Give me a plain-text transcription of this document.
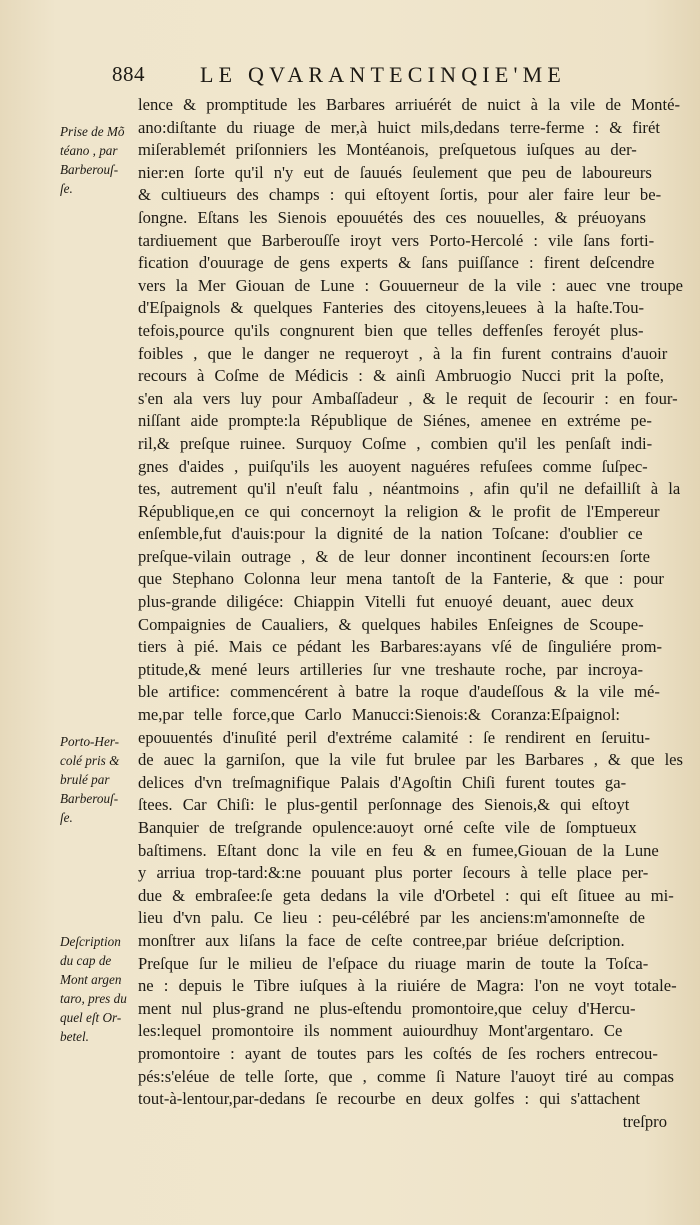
884	LE QVARANTECINQIE'ME
Prise de Mõ
téano , par
Barberouſ-
ſe.
Porto-Her-
colé pris &
brulé par
Barberouſ-
ſe.
Deſcription
du cap de
Mont argen
taro, pres du
quel eſt Or-
betel.
lence & promptitude les Barbares arriuérét de nuict à la vile de Monté-
ano:diſtante du riuage de mer,à huict mils,dedans terre-ferme : & firét
miſerablemét priſonniers les Montéanois, preſquetous iuſques au der-
nier:en ſorte qu'il n'y eut de ſauués ſeulement que peu de laboureurs
& cultiueurs des champs : qui eſtoyent ſortis, pour aler faire leur be-
ſongne. Eſtans les Sienois epouuétés des ces nouuelles, & préuoyans
tardiuement que Barberouſſe iroyt vers Porto-Hercolé : vile ſans forti-
fication d'ouurage de gens experts & ſans puiſſance : firent deſcendre
vers la Mer Giouan de Lune : Gouuerneur de la vile : auec vne troupe
d'Eſpaignols & quelques Fanteries des citoyens,leuees à la haſte.Tou-
tefois,pource qu'ils congnurent bien que telles deffenſes feroyét plus-
foibles , que le danger ne requeroyt , à la fin furent contrains d'auoir
recours à Coſme de Médicis : & ainſi Ambruogio Nucci prit la poſte,
s'en ala vers luy pour Ambaſſadeur , & le requit de ſecourir : en four-
niſſant aide prompte:la République de Siénes, amenee en extréme pe-
ril,& preſque ruinee. Surquoy Coſme , combien qu'il les penſaſt indi-
gnes d'aides , puiſqu'ils les auoyent naguéres refuſees comme ſuſpec-
tes, autrement qu'il n'euſt falu , néantmoins , afin qu'il ne defailliſt à la
République,en ce qui concernoyt la religion & le profit de l'Empereur
enſemble,fut d'auis:pour la dignité de la nation Toſcane: d'oublier ce
preſque-vilain outrage , & de leur donner incontinent ſecours:en ſorte
que Stephano Colonna leur mena tantoſt de la Fanterie, & que : pour
plus-grande diligéce: Chiappin Vitelli fut enuoyé deuant, auec deux
Compaignies de Caualiers, & quelques habiles Enſeignes de Scoupe-
tiers à pié. Mais ce pédant les Barbares:ayans vſé de ſinguliére prom-
ptitude,& mené leurs artilleries ſur vne treshaute roche, par incroya-
ble artifice: commencérent à batre la roque d'audeſſous & la vile mé-
me,par telle force,que Carlo Manucci:Sienois:& Coranza:Eſpaignol:
epouuentés d'inuſité peril d'extréme calamité : ſe rendirent en ſeruitu-
de auec la garniſon, que la vile fut brulee par les Barbares , & que les
delices d'vn treſmagnifique Palais d'Agoſtin Chiſi furent toutes ga-
ſtees. Car Chiſi: le plus-gentil perſonnage des Sienois,& qui eſtoyt
Banquier de treſgrande opulence:auoyt orné ceſte vile de ſomptueux
baſtimens. Eſtant donc la vile en feu & en fumee,Giouan de la Lune
y arriua trop-tard:&:ne pouuant plus porter ſecours à telle place per-
due & embraſee:ſe geta dedans la vile d'Orbetel : qui eſt ſituee au mi-
lieu d'vn palu. Ce lieu : peu-célébré par les anciens:m'amonneſte de
monſtrer aux liſans la face de ceſte contree,par briéue deſcription.
Preſque ſur le milieu de l'eſpace du riuage marin de toute la Toſca-
ne : depuis le Tibre iuſques à la riuiére de Magra: l'on ne voyt totale-
ment nul plus-grand ne plus-eſtendu promontoire,que celuy d'Hercu-
les:lequel promontoire ils nomment auiourdhuy Mont'argentaro. Ce
promontoire : ayant de toutes pars les coſtés de ſes rochers entrecou-
pés:s'eléue de telle ſorte, que , comme ſi Nature l'auoyt tiré au compas
tout-à-lentour,par-dedans ſe recourbe en deux golfes : qui s'attachent
treſpro
